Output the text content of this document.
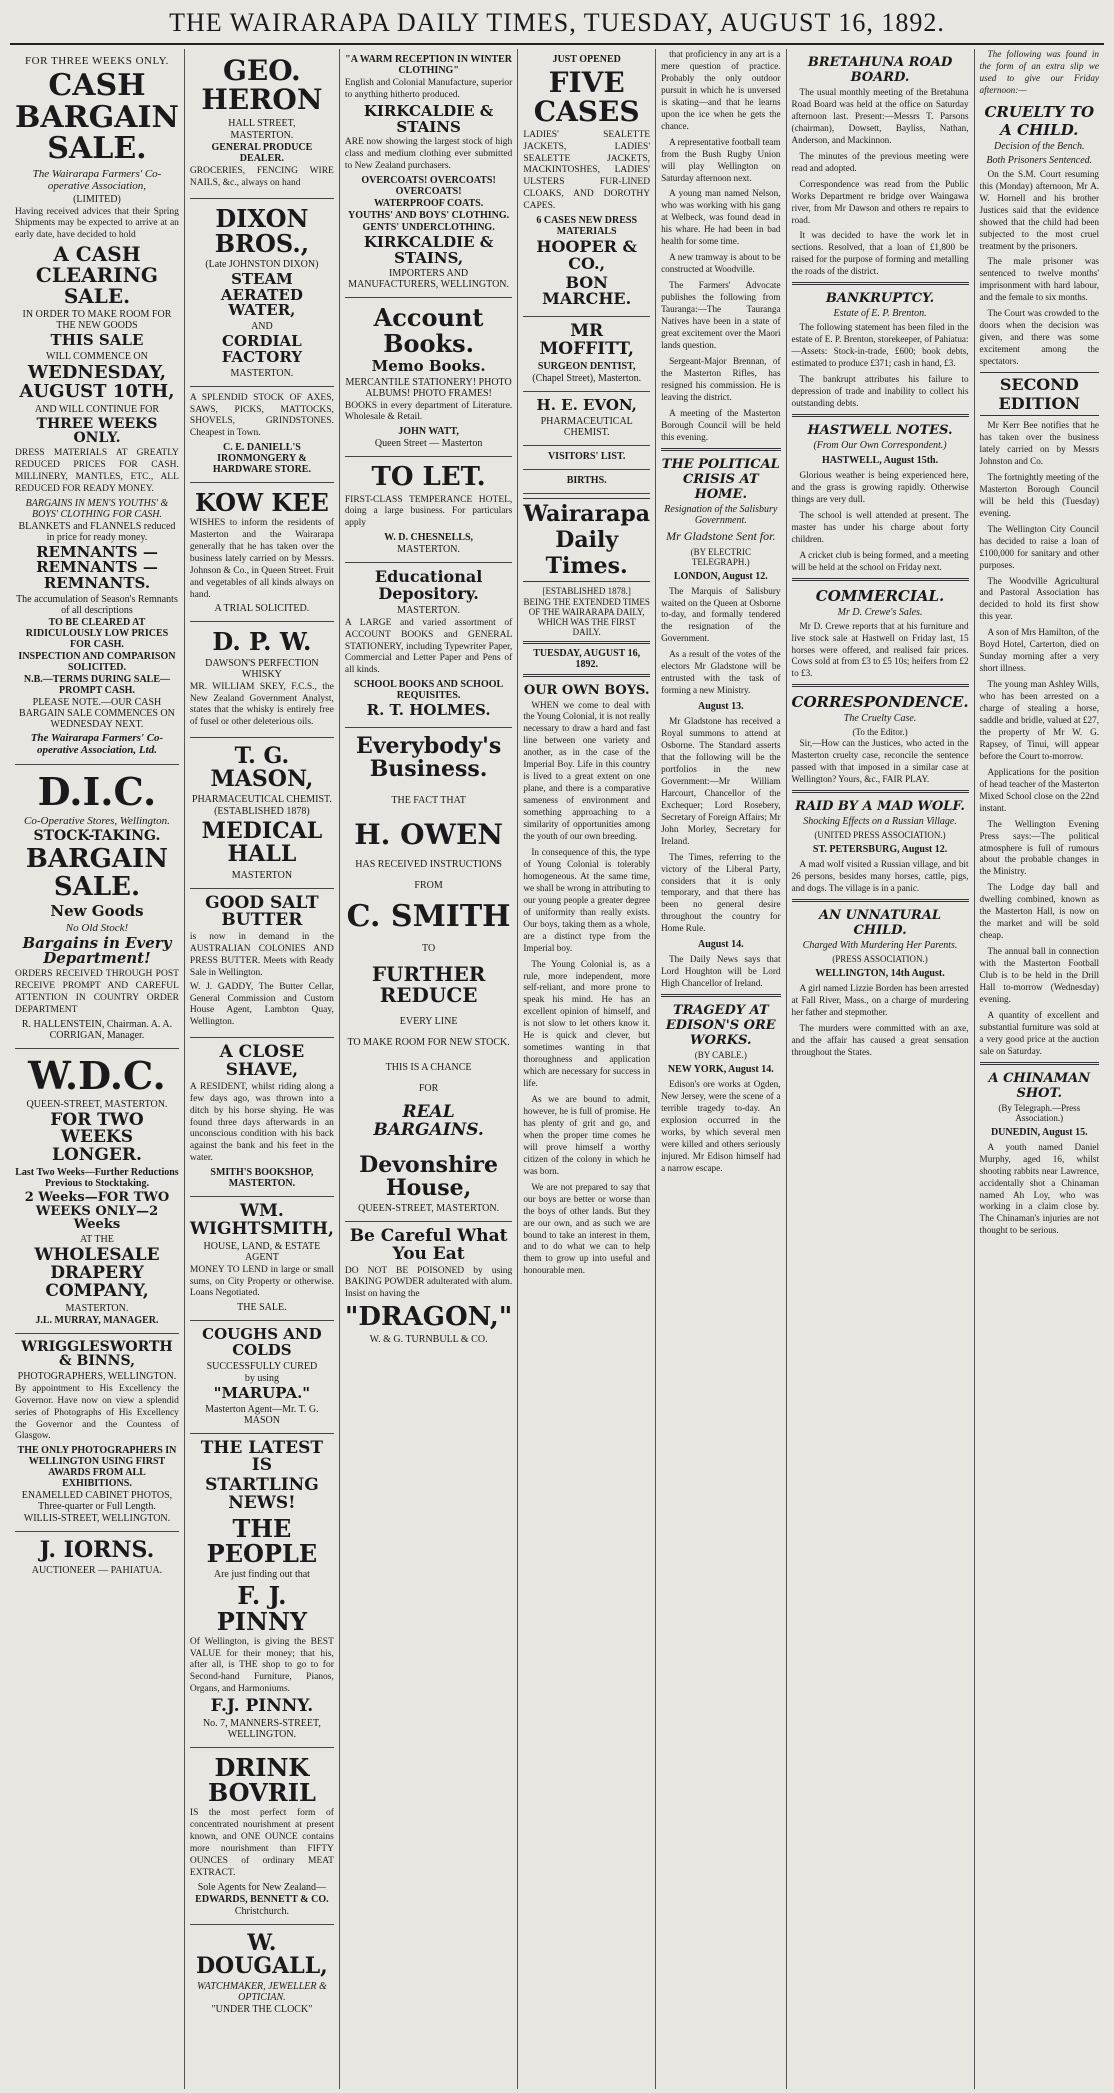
THE WAIRARAPA DAILY TIMES, TUESDAY, AUGUST 16, 1892.
FOR THREE WEEKS ONLY.
CASH BARGAIN SALE.
The Wairarapa Farmers' Co-operative Association,
(LIMITED)
Having received advices that their Spring Shipments may be expected to arrive at an early date, have decided to hold
A CASH CLEARING SALE.
IN ORDER TO MAKE ROOM FOR THE NEW GOODS
THIS SALE
WILL COMMENCE ON
WEDNESDAY, AUGUST 10TH,
AND WILL CONTINUE FOR
THREE WEEKS ONLY.
DRESS MATERIALS AT GREATLY REDUCED PRICES FOR CASH. MILLINERY, MANTLES, ETC., ALL REDUCED FOR READY MONEY.
BARGAINS IN MEN'S YOUTHS' & BOYS' CLOTHING FOR CASH.
BLANKETS and FLANNELS reduced in price for ready money.
REMNANTS — REMNANTS — REMNANTS.
The accumulation of Season's Remnants of all descriptions
TO BE CLEARED AT RIDICULOUSLY LOW PRICES FOR CASH.
INSPECTION AND COMPARISON SOLICITED.
N.B.—TERMS DURING SALE—PROMPT CASH.
PLEASE NOTE.—OUR CASH BARGAIN SALE COMMENCES ON WEDNESDAY NEXT.
The Wairarapa Farmers' Co-operative Association, Ltd.
D.I.C.
Co-Operative Stores, Wellington.
STOCK-TAKING.
BARGAIN SALE.
New Goods
No Old Stock!
Bargains in Every Department!
ORDERS RECEIVED THROUGH POST RECEIVE PROMPT AND CAREFUL ATTENTION IN COUNTRY ORDER DEPARTMENT
R. HALLENSTEIN, Chairman. A. A. CORRIGAN, Manager.
W.D.C.
QUEEN-STREET, MASTERTON.
FOR TWO WEEKS LONGER.
Last Two Weeks—Further Reductions Previous to Stocktaking.
2 Weeks—FOR TWO WEEKS ONLY—2 Weeks
AT THE
WHOLESALE DRAPERY COMPANY,
MASTERTON.
J.L. MURRAY, MANAGER.
WRIGGLESWORTH & BINNS,
PHOTOGRAPHERS, WELLINGTON.
By appointment to His Excellency the Governor. Have now on view a splendid series of Photographs of His Excellency the Governor and the Countess of Glasgow.
THE ONLY PHOTOGRAPHERS IN WELLINGTON USING FIRST AWARDS FROM ALL EXHIBITIONS.
ENAMELLED CABINET PHOTOS, Three-quarter or Full Length.
WILLIS-STREET, WELLINGTON.
J. IORNS.
AUCTIONEER — PAHIATUA.
GEO. HERON
HALL STREET,
MASTERTON.
GENERAL PRODUCE DEALER.
GROCERIES, FENCING WIRE NAILS, &c., always on hand
DIXON BROS.,
(Late JOHNSTON DIXON)
STEAM AERATED WATER,
AND
CORDIAL FACTORY
MASTERTON.
A SPLENDID STOCK OF AXES, SAWS, PICKS, MATTOCKS, SHOVELS, GRINDSTONES. Cheapest in Town.
C. E. DANIELL'S IRONMONGERY & HARDWARE STORE.
KOW KEE
WISHES to inform the residents of Masterton and the Wairarapa generally that he has taken over the business lately carried on by Messrs. Johnson & Co., in Queen Street. Fruit and vegetables of all kinds always on hand.
A TRIAL SOLICITED.
D. P. W.
DAWSON'S PERFECTION WHISKY
MR. WILLIAM SKEY, F.C.S., the New Zealand Government Analyst, states that the whisky is entirely free of fusel or other deleterious oils.
T. G. MASON,
PHARMACEUTICAL CHEMIST.
(ESTABLISHED 1878)
MEDICAL HALL
MASTERTON
GOOD SALT BUTTER
is now in demand in the AUSTRALIAN COLONIES AND PRESS BUTTER. Meets with Ready Sale in Wellington.
W. J. GADDY, The Butter Cellar, General Commission and Custom House Agent, Lambton Quay, Wellington.
A CLOSE SHAVE,
A RESIDENT, whilst riding along a few days ago, was thrown into a ditch by his horse shying. He was found three days afterwards in an unconscious condition with his back against the bank and his feet in the water.
SMITH'S BOOKSHOP, MASTERTON.
WM. WIGHTSMITH,
HOUSE, LAND, & ESTATE AGENT
MONEY TO LEND in large or small sums, on City Property or otherwise. Loans Negotiated.
THE SALE.
COUGHS AND COLDS
SUCCESSFULLY CURED
by using
"MARUPA."
Masterton Agent—Mr. T. G. MASON
THE LATEST IS
STARTLING NEWS!
THE PEOPLE
Are just finding out that
F. J. PINNY
Of Wellington, is giving the BEST VALUE for their money; that his, after all, is THE shop to go to for Second-hand Furniture, Pianos, Organs, and Harmoniums.
F.J. PINNY.
No. 7, MANNERS-STREET, WELLINGTON.
DRINK BOVRIL
IS the most perfect form of concentrated nourishment at present known, and ONE OUNCE contains more nourishment than FIFTY OUNCES of ordinary MEAT EXTRACT.
Sole Agents for New Zealand—
EDWARDS, BENNETT & CO.
Christchurch.
W. DOUGALL,
WATCHMAKER, JEWELLER & OPTICIAN.
"UNDER THE CLOCK"
"A WARM RECEPTION IN WINTER CLOTHING"
English and Colonial Manufacture, superior to anything hitherto produced.
KIRKCALDIE & STAINS
ARE now showing the largest stock of high class and medium clothing ever submitted to New Zealand purchasers.
OVERCOATS! OVERCOATS! OVERCOATS!
WATERPROOF COATS.
YOUTHS' AND BOYS' CLOTHING.
GENTS' UNDERCLOTHING.
KIRKCALDIE & STAINS,
IMPORTERS AND MANUFACTURERS, WELLINGTON.
Account Books.
Memo Books.
MERCANTILE STATIONERY! PHOTO ALBUMS! PHOTO FRAMES!
BOOKS in every department of Literature. Wholesale & Retail.
JOHN WATT,
Queen Street — Masterton
TO LET.
FIRST-CLASS TEMPERANCE HOTEL, doing a large business. For particulars apply
W. D. CHESNELLS,
MASTERTON.
Educational Depository.
MASTERTON.
A LARGE and varied assortment of ACCOUNT BOOKS and GENERAL STATIONERY, including Typewriter Paper, Commercial and Letter Paper and Pens of all kinds.
SCHOOL BOOKS AND SCHOOL REQUISITES.
R. T. HOLMES.
Everybody's Business.
THE FACT THAT
H. OWEN
HAS RECEIVED INSTRUCTIONS
FROM
C. SMITH
TO
FURTHER REDUCE
EVERY LINE
TO MAKE ROOM FOR NEW STOCK.
THIS IS A CHANCE
FOR
REAL BARGAINS.
Devonshire House,
QUEEN-STREET, MASTERTON.
Be Careful What You Eat
DO NOT BE POISONED by using BAKING POWDER adulterated with alum. Insist on having the
"DRAGON,"
W. & G. TURNBULL & CO.
JUST OPENED
FIVE CASES
LADIES' SEALETTE JACKETS, LADIES' SEALETTE JACKETS, MACKINTOSHES, LADIES' ULSTERS FUR-LINED CLOAKS, AND DOROTHY CAPES.
6 CASES NEW DRESS MATERIALS
HOOPER & CO.,
BON MARCHE.
MR MOFFITT,
SURGEON DENTIST,
(Chapel Street), Masterton.
H. E. EVON,
PHARMACEUTICAL CHEMIST.
VISITORS' LIST.
BIRTHS.
Wairarapa Daily Times.
[ESTABLISHED 1878.]
BEING THE EXTENDED TIMES OF THE WAIRARAPA DAILY, WHICH WAS THE FIRST DAILY.
TUESDAY, AUGUST 16, 1892.
OUR OWN BOYS.

WHEN we come to deal with the Young Colonial, it is not really necessary to draw a hard and fast line between one variety and another, as in the case of the Imperial Boy. Life in this country is lived to a great extent on one plane, and there is a comparative sameness of environment and something approaching to a similarity of opportunities among the youth of our own breeding.

In consequence of this, the type of Young Colonial is tolerably homogeneous. At the same time, we shall be wrong in attributing to our young people a greater degree of uniformity than really exists. Our boys, taking them as a whole, are a distinct type from the Imperial boy.

The Young Colonial is, as a rule, more independent, more self-reliant, and more prone to speak his mind. He has an excellent opinion of himself, and is not slow to let others know it. He is quick and clever, but sometimes wanting in that thoroughness and application which are necessary for success in life.

As we are bound to admit, however, he is full of promise. He has plenty of grit and go, and when the proper time comes he will prove himself a worthy citizen of the colony in which he was born.

We are not prepared to say that our boys are better or worse than the boys of other lands. But they are our own, and as such we are bound to take an interest in them, and to do what we can to help them to grow up into useful and honourable men.

that proficiency in any art is a mere question of practice. Probably the only outdoor pursuit in which he is unversed is skating—and that he learns upon the ice when he gets the chance.

A representative football team from the Bush Rugby Union will play Wellington on Saturday afternoon next.

A young man named Nelson, who was working with his gang at Welbeck, was found dead in his whare. He had been in bad health for some time.

A new tramway is about to be constructed at Woodville.

The Farmers' Advocate publishes the following from Tauranga:—The Tauranga Natives have been in a state of great excitement over the Maori lands question.

Sergeant-Major Brennan, of the Masterton Rifles, has resigned his commission. He is leaving the district.

A meeting of the Masterton Borough Council will be held this evening.

THE POLITICAL CRISIS AT HOME.
Resignation of the Salisbury Government.
Mr Gladstone Sent for.
(BY ELECTRIC TELEGRAPH.)
LONDON, August 12.

The Marquis of Salisbury waited on the Queen at Osborne to-day, and formally tendered the resignation of the Government.

As a result of the votes of the electors Mr Gladstone will be entrusted with the task of forming a new Ministry.

August 13.

Mr Gladstone has received a Royal summons to attend at Osborne. The Standard asserts that the following will be the portfolios in the new Government:—Mr William Harcourt, Chancellor of the Exchequer; Lord Rosebery, Secretary of Foreign Affairs; Mr John Morley, Secretary for Ireland.

The Times, referring to the victory of the Liberal Party, considers that it is only temporary, and that there has been no general desire throughout the country for Home Rule.

August 14.

The Daily News says that Lord Houghton will be Lord High Chancellor of Ireland.

TRAGEDY AT EDISON'S ORE WORKS.
(BY CABLE.)
NEW YORK, August 14.

Edison's ore works at Ogden, New Jersey, were the scene of a terrible tragedy to-day. An explosion occurred in the works, by which several men were killed and others seriously injured. Mr Edison himself had a narrow escape.

BRETAHUNA ROAD BOARD.

The usual monthly meeting of the Bretahuna Road Board was held at the office on Saturday afternoon last. Present:—Messrs T. Parsons (chairman), Dowsett, Bayliss, Nathan, Anderson, and Mackinnon.

The minutes of the previous meeting were read and adopted.

Correspondence was read from the Public Works Department re bridge over Waingawa river, from Mr Dawson and others re repairs to road.

It was decided to have the work let in sections. Resolved, that a loan of £1,800 be raised for the purpose of forming and metalling the roads of the district.

BANKRUPTCY.
Estate of E. P. Brenton.

The following statement has been filed in the estate of E. P. Brenton, storekeeper, of Pahiatua:—Assets: Stock-in-trade, £600; book debts, estimated to produce £371; cash in hand, £3.

The bankrupt attributes his failure to depression of trade and inability to collect his outstanding debts.

HASTWELL NOTES.
(From Our Own Correspondent.)
HASTWELL, August 15th.

Glorious weather is being experienced here, and the grass is growing rapidly. Otherwise things are very dull.

The school is well attended at present. The master has under his charge about forty children.

A cricket club is being formed, and a meeting will be held at the school on Friday next.

COMMERCIAL.
Mr D. Crewe's Sales.

Mr D. Crewe reports that at his furniture and live stock sale at Hastwell on Friday last, 15 horses were offered, and realised fair prices. Cows sold at from £3 to £5 10s; heifers from £2 to £3.

CORRESPONDENCE.
The Cruelty Case.
(To the Editor.)

Sir,—How can the Justices, who acted in the Masterton cruelty case, reconcile the sentence passed with that imposed in a similar case at Wellington? Yours, &c., FAIR PLAY.

RAID BY A MAD WOLF.
Shocking Effects on a Russian Village.
(UNITED PRESS ASSOCIATION.)
ST. PETERSBURG, August 12.

A mad wolf visited a Russian village, and bit 26 persons, besides many horses, cattle, pigs, and dogs. The village is in a panic.

AN UNNATURAL CHILD.
Charged With Murdering Her Parents.
(PRESS ASSOCIATION.)
WELLINGTON, 14th August.

A girl named Lizzie Borden has been arrested at Fall River, Mass., on a charge of murdering her father and stepmother.

The murders were committed with an axe, and the affair has caused a great sensation throughout the States.

The following was found in the form of an extra slip we used to give our Friday afternoon:—

CRUELTY TO A CHILD.
Decision of the Bench.
Both Prisoners Sentenced.

On the S.M. Court resuming this (Monday) afternoon, Mr A. W. Hornell and his brother Justices said that the evidence showed that the child had been subjected to the most cruel treatment by the prisoners.

The male prisoner was sentenced to twelve months' imprisonment with hard labour, and the female to six months.

The Court was crowded to the doors when the decision was given, and there was some excitement among the spectators.

SECOND EDITION

Mr Kerr Bee notifies that he has taken over the business lately carried on by Messrs Johnston and Co.

The fortnightly meeting of the Masterton Borough Council will be held this (Tuesday) evening.

The Wellington City Council has decided to raise a loan of £100,000 for sanitary and other purposes.

The Woodville Agricultural and Pastoral Association has decided to hold its first show this year.

A son of Mrs Hamilton, of the Boyd Hotel, Carterton, died on Sunday morning after a very short illness.

The young man Ashley Wills, who has been arrested on a charge of stealing a horse, saddle and bridle, valued at £27, the property of Mr W. G. Rapsey, of Tinui, will appear before the Court to-morrow.

Applications for the position of head teacher of the Masterton Mixed School close on the 22nd instant.

The Wellington Evening Press says:—The political atmosphere is full of rumours about the probable changes in the Ministry.

The Lodge day ball and dwelling combined, known as the Masterton Hall, is now on the market and will be sold cheap.

The annual ball in connection with the Masterton Football Club is to be held in the Drill Hall to-morrow (Wednesday) evening.

A quantity of excellent and substantial furniture was sold at a very good price at the auction sale on Saturday.

A CHINAMAN SHOT.
(By Telegraph.—Press Association.)
DUNEDIN, August 15.

A youth named Daniel Murphy, aged 16, whilst shooting rabbits near Lawrence, accidentally shot a Chinaman named Ah Loy, who was working in a claim close by. The Chinaman's injuries are not thought to be serious.
